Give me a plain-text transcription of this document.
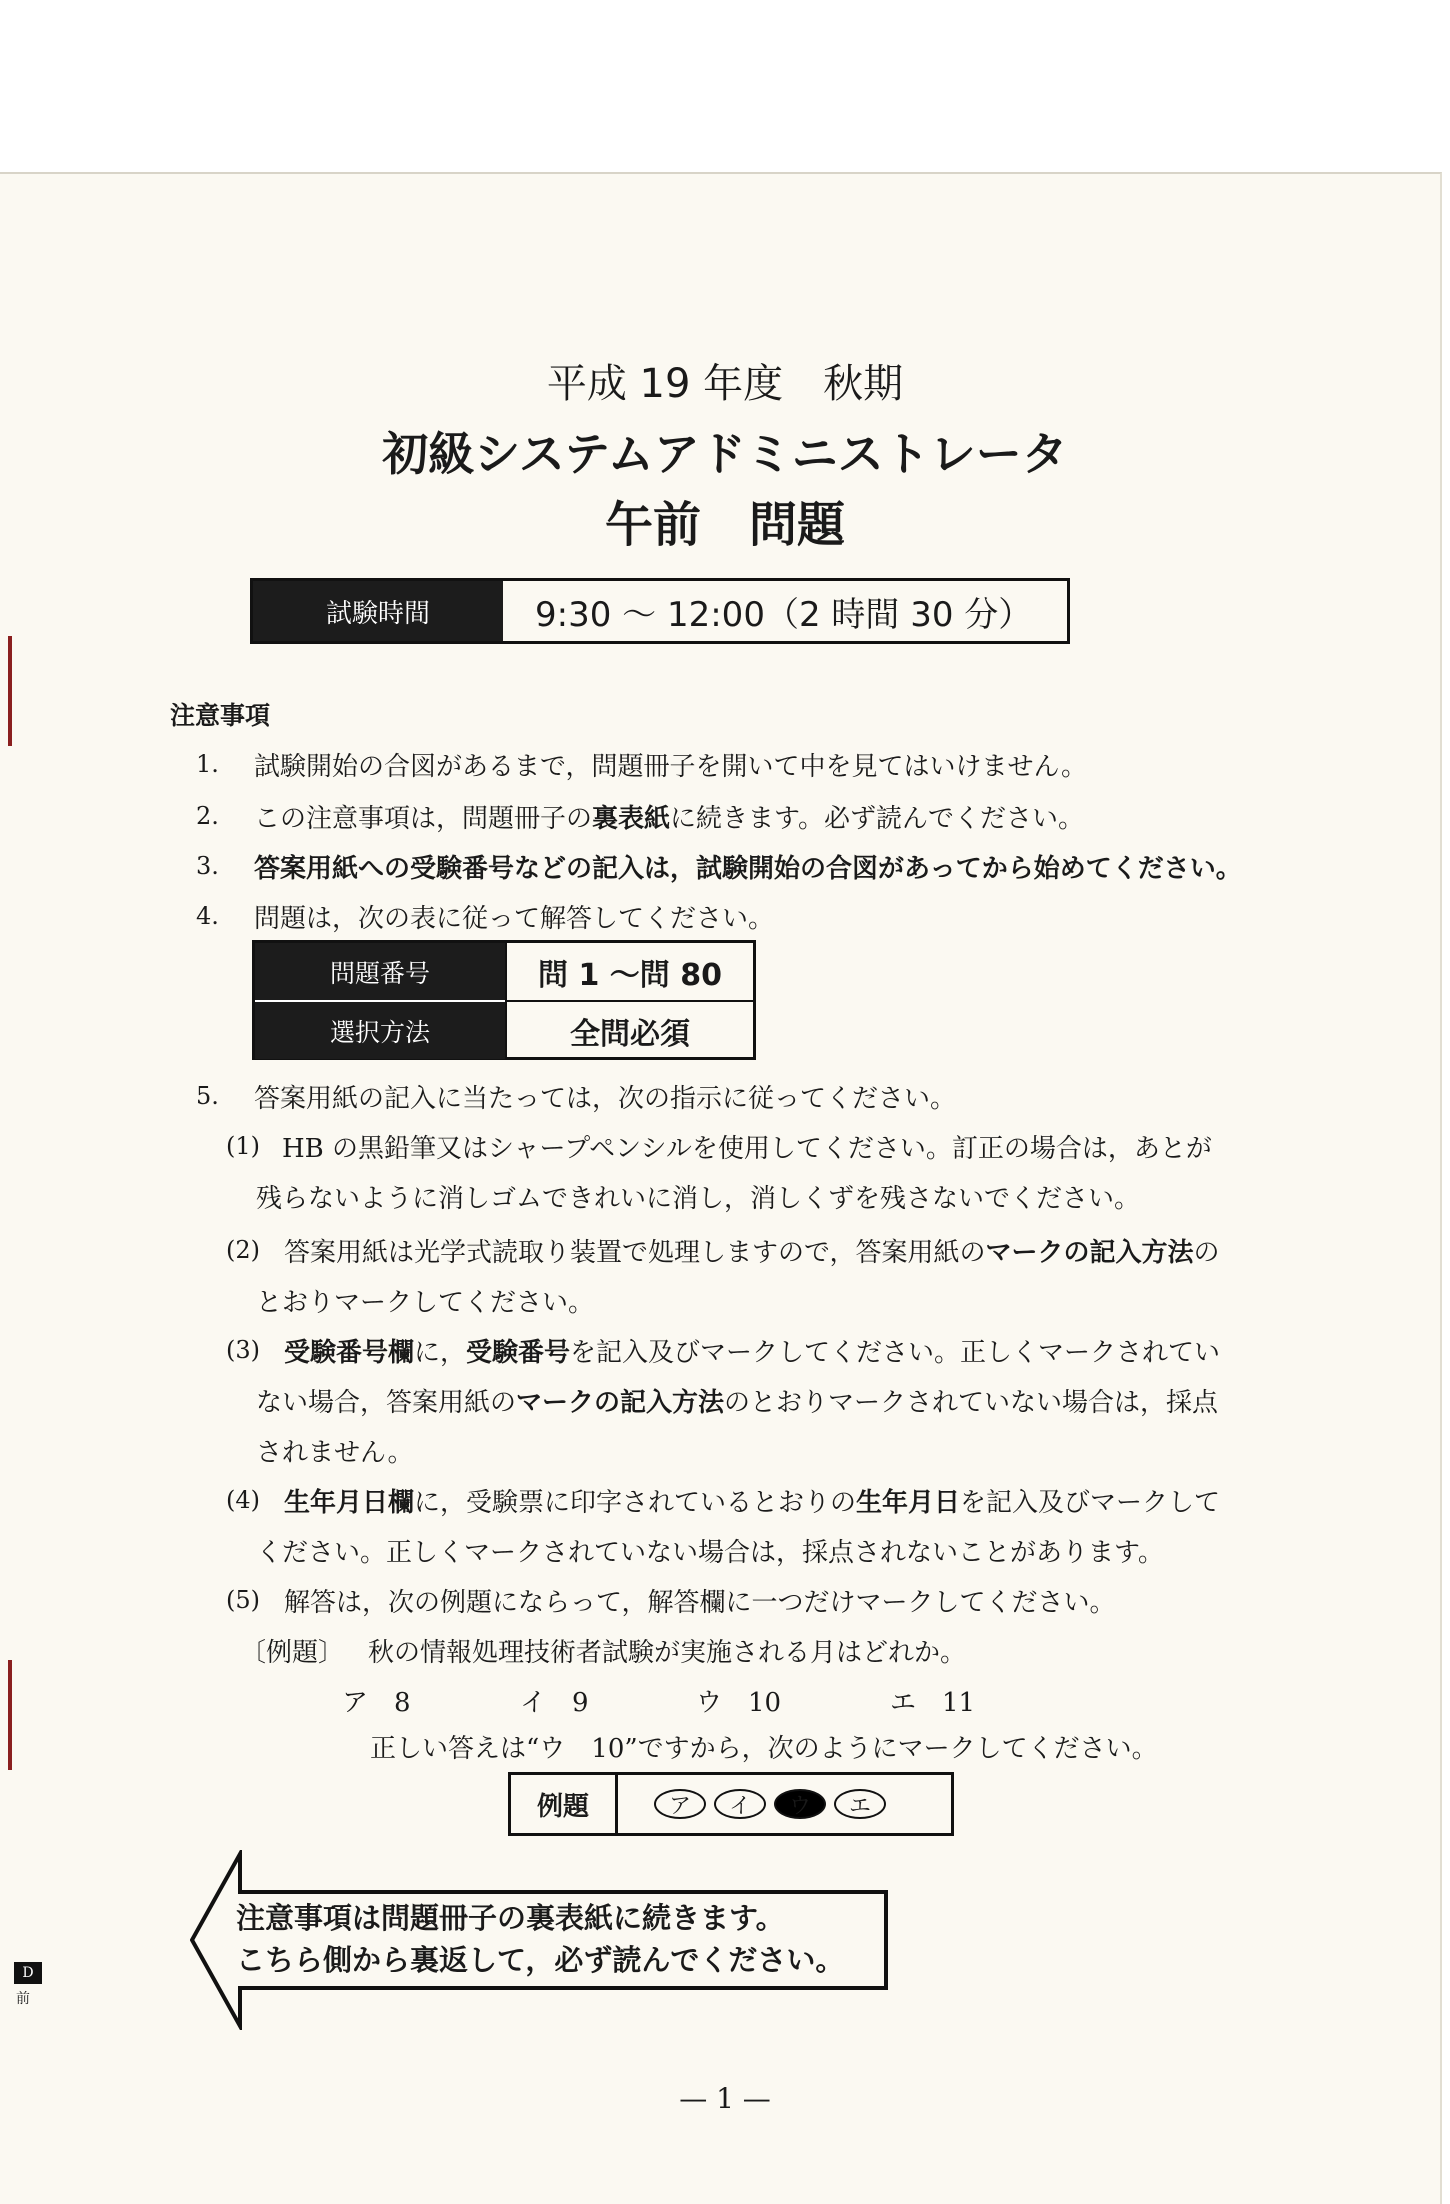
D
前
平成 19 年度　秋期
初級システムアドミニストレータ
午前　問題
試験時間	9:30 〜 12:00（2 時間 30 分）
注意事項
1. 試験開始の合図があるまで，問題冊子を開いて中を見てはいけません。
2. この注意事項は，問題冊子の裏表紙に続きます。必ず読んでください。
3. 答案用紙への受験番号などの記入は，試験開始の合図があってから始めてください。
4. 問題は，次の表に従って解答してください。
問題番号	問 1 〜問 80
選択方法	全問必須
5. 答案用紙の記入に当たっては，次の指示に従ってください。
(1) HB の黒鉛筆又はシャープペンシルを使用してください。訂正の場合は，あとが
残らないように消しゴムできれいに消し，消しくずを残さないでください。
(2) 答案用紙は光学式読取り装置で処理しますので，答案用紙のマークの記入方法の
とおりマークしてください。
(3) 受験番号欄に，受験番号を記入及びマークしてください。正しくマークされてい
ない場合，答案用紙のマークの記入方法のとおりマークされていない場合は，採点
されません。
(4) 生年月日欄に，受験票に印字されているとおりの生年月日を記入及びマークして
ください。正しくマークされていない場合は，採点されないことがあります。
(5) 解答は，次の例題にならって，解答欄に一つだけマークしてください。
〔例題〕 秋の情報処理技術者試験が実施される月はどれか。
ア 8	イ 9	ウ 10	エ 11
正しい答えは“ウ　10”ですから，次のようにマークしてください。
例題	ア	イ	ウ	エ
注意事項は問題冊子の裏表紙に続きます。
こちら側から裏返して，必ず読んでください。
— 1 —
